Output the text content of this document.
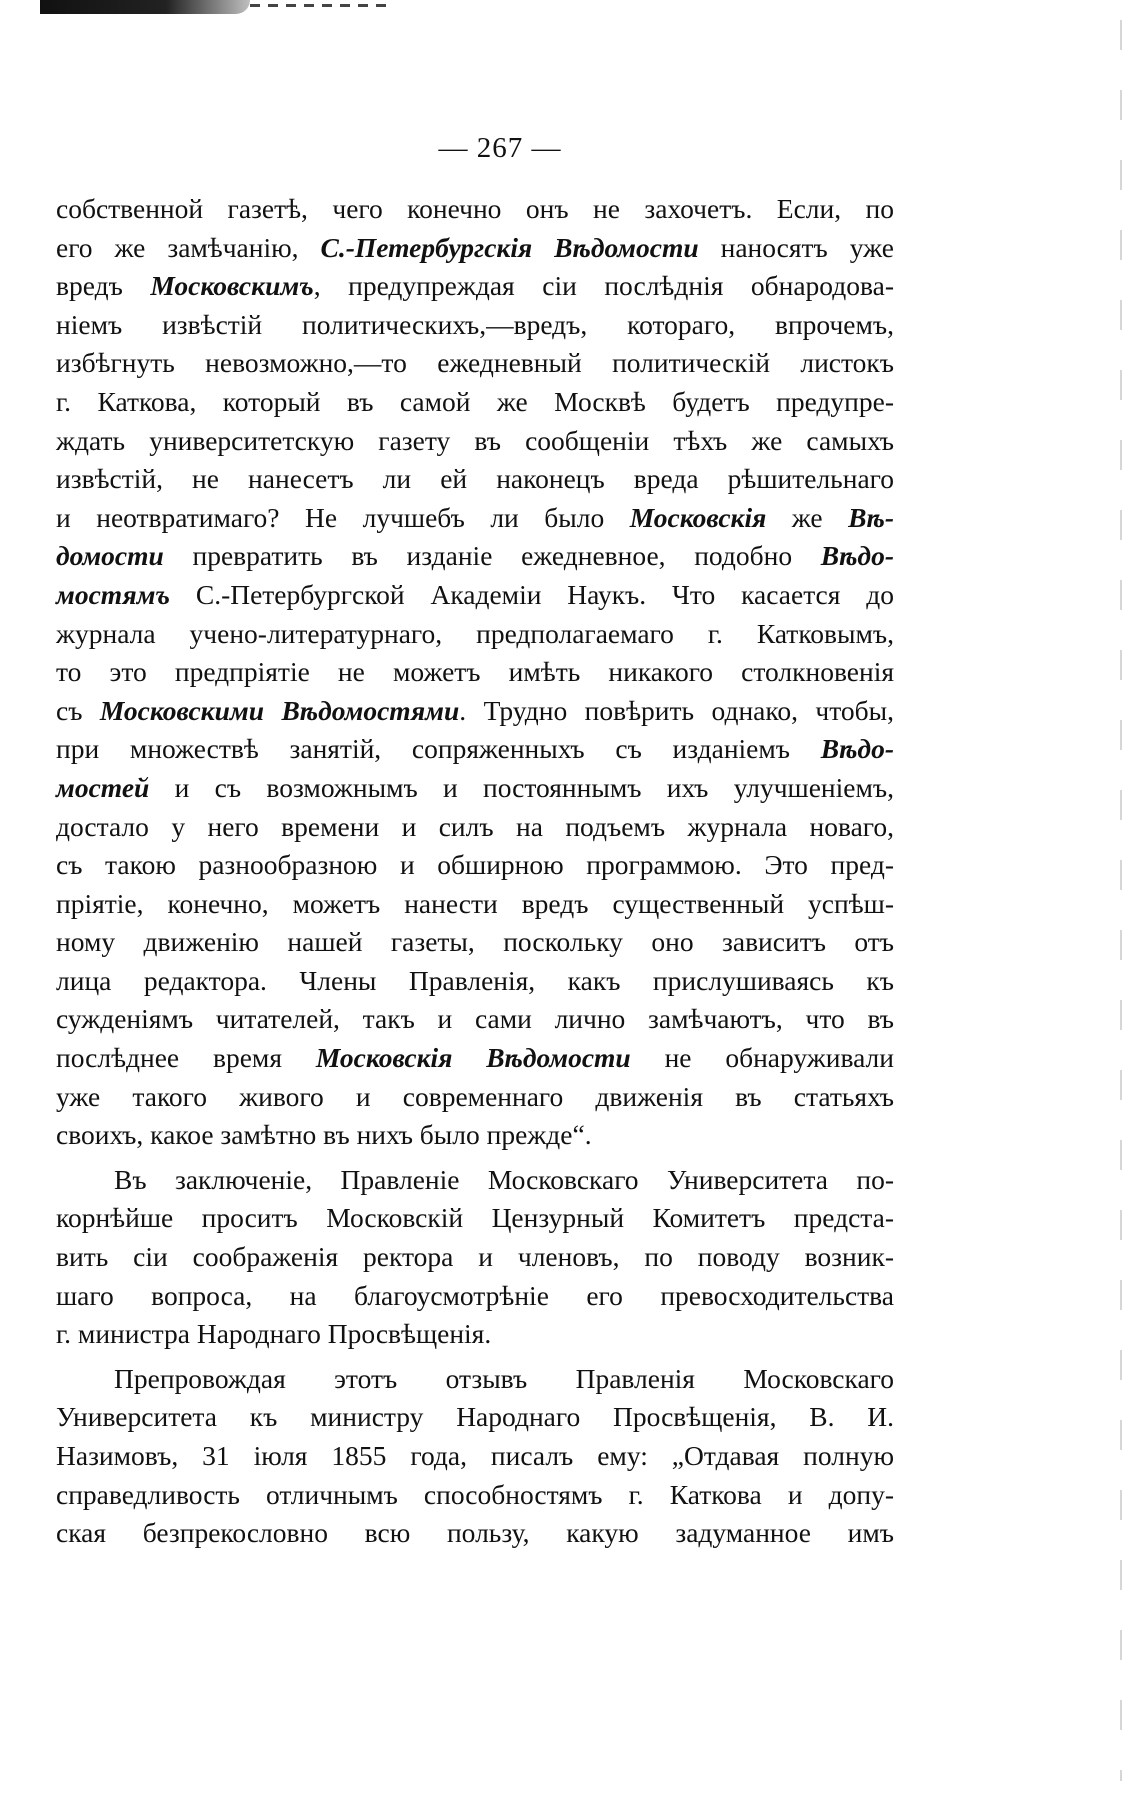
— 267 —
собственной газетѣ, чего конечно онъ не захочетъ. Если, по
его же замѣчанію, С.-Петербургскія Вѣдомости наносятъ уже
вредъ Московскимъ, предупреждая сіи послѣднія обнародова-
ніемъ извѣстій политическихъ,—вредъ, котораго, впрочемъ,
избѣгнуть невозможно,—то ежедневный политическій листокъ
г. Каткова, который въ самой же Москвѣ будетъ предупре-
ждать университетскую газету въ сообщеніи тѣхъ же самыхъ
извѣстій, не нанесетъ ли ей наконецъ вреда рѣшительнаго
и неотвратимаго? Не лучшебъ ли было Московскія же Вѣ-
домости превратить въ изданіе ежедневное, подобно Вѣдо-
мостямъ С.-Петербургской Академіи Наукъ. Что касается до
журнала учено-литературнаго, предполагаемаго г. Катковымъ,
то это предпріятіе не можетъ имѣть никакого столкновенія
съ Московскими Вѣдомостями. Трудно повѣрить однако, чтобы,
при множествѣ занятій, сопряженныхъ съ изданіемъ Вѣдо-
мостей и съ возможнымъ и постояннымъ ихъ улучшеніемъ,
достало у него времени и силъ на подъемъ журнала новаго,
съ такою разнообразною и обширною программою. Это пред-
пріятіе, конечно, можетъ нанести вредъ существенный успѣш-
ному движенію нашей газеты, поскольку оно зависитъ отъ
лица редактора. Члены Правленія, какъ прислушиваясь къ
сужденіямъ читателей, такъ и сами лично замѣчаютъ, что въ
послѣднее время Московскія Вѣдомости не обнаруживали
уже такого живого и современнаго движенія въ статьяхъ
своихъ, какое замѣтно въ нихъ было прежде“.
Въ заключеніе, Правленіе Московскаго Университета по-
корнѣйше проситъ Московскій Цензурный Комитетъ предста-
вить сіи соображенія ректора и членовъ, по поводу возник-
шаго вопроса, на благоусмотрѣніе его превосходительства
г. министра Народнаго Просвѣщенія.
Препровождая этотъ отзывъ Правленія Московскаго
Университета къ министру Народнаго Просвѣщенія, В. И.
Назимовъ, 31 іюля 1855 года, писалъ ему: „Отдавая полную
справедливость отличнымъ способностямъ г. Каткова и допу-
ская безпрекословно всю пользу, какую задуманное имъ
